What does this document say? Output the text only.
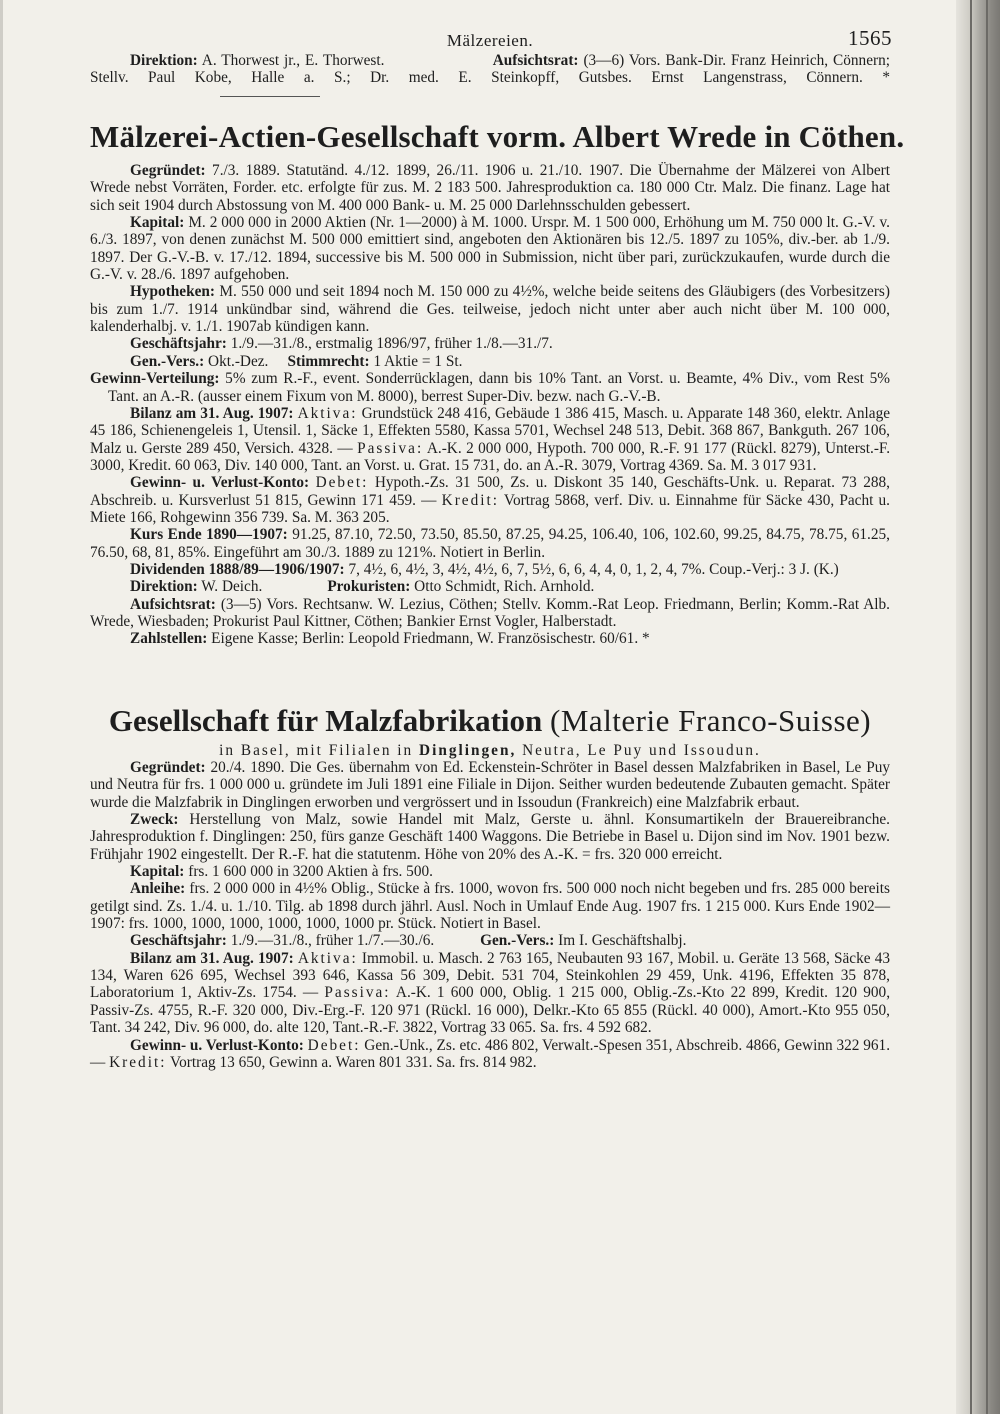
Mälzereien.	1565

Direktion: A. Thorwest jr., E. Thorwest.	Aufsichtsrat: (3—6) Vors. Bank-Dir. Franz Heinrich, Cönnern; Stellv. Paul Kobe, Halle a. S.; Dr. med. E. Steinkopff, Gutsbes. Ernst Langenstrass, Cönnern. *

Mälzerei-Actien-Gesellschaft vorm. Albert Wrede in Cöthen.

Gegründet: 7./3. 1889. Statutänd. 4./12. 1899, 26./11. 1906 u. 21./10. 1907. Die Übernahme der Mälzerei von Albert Wrede nebst Vorräten, Forder. etc. erfolgte für zus. M. 2 183 500. Jahresproduktion ca. 180 000 Ctr. Malz. Die finanz. Lage hat sich seit 1904 durch Abstossung von M. 400 000 Bank- u. M. 25 000 Darlehnsschulden gebessert.

Kapital: M. 2 000 000 in 2000 Aktien (Nr. 1—2000) à M. 1000. Urspr. M. 1 500 000, Erhöhung um M. 750 000 lt. G.-V. v. 6./3. 1897, von denen zunächst M. 500 000 emittiert sind, angeboten den Aktionären bis 12./5. 1897 zu 105%, div.-ber. ab 1./9. 1897. Der G.-V.-B. v. 17./12. 1894, successive bis M. 500 000 in Submission, nicht über pari, zurückzukaufen, wurde durch die G.-V. v. 28./6. 1897 aufgehoben.

Hypotheken: M. 550 000 und seit 1894 noch M. 150 000 zu 4½%, welche beide seitens des Gläubigers (des Vorbesitzers) bis zum 1./7. 1914 unkündbar sind, während die Ges. teilweise, jedoch nicht unter aber auch nicht über M. 100 000, kalenderhalbj. v. 1./1. 1907ab kündigen kann.

Geschäftsjahr: 1./9.—31./8., erstmalig 1896/97, früher 1./8.—31./7.

Gen.-Vers.: Okt.-Dez. Stimmrecht: 1 Aktie = 1 St.

Gewinn-Verteilung: 5% zum R.-F., event. Sonderrücklagen, dann bis 10% Tant. an Vorst. u. Beamte, 4% Div., vom Rest 5% Tant. an A.-R. (ausser einem Fixum von M. 8000), berrest Super-Div. bezw. nach G.-V.-B.

Bilanz am 31. Aug. 1907: Aktiva: Grundstück 248 416, Gebäude 1 386 415, Masch. u. Apparate 148 360, elektr. Anlage 45 186, Schienengeleis 1, Utensil. 1, Säcke 1, Effekten 5580, Kassa 5701, Wechsel 248 513, Debit. 368 867, Bankguth. 267 106, Malz u. Gerste 289 450, Versich. 4328. — Passiva: A.-K. 2 000 000, Hypoth. 700 000, R.-F. 91 177 (Rückl. 8279), Unterst.-F. 3000, Kredit. 60 063, Div. 140 000, Tant. an Vorst. u. Grat. 15 731, do. an A.-R. 3079, Vortrag 4369. Sa. M. 3 017 931.

Gewinn- u. Verlust-Konto: Debet: Hypoth.-Zs. 31 500, Zs. u. Diskont 35 140, Geschäfts-Unk. u. Reparat. 73 288, Abschreib. u. Kursverlust 51 815, Gewinn 171 459. — Kredit: Vortrag 5868, verf. Div. u. Einnahme für Säcke 430, Pacht u. Miete 166, Rohgewinn 356 739. Sa. M. 363 205.

Kurs Ende 1890—1907: 91.25, 87.10, 72.50, 73.50, 85.50, 87.25, 94.25, 106.40, 106, 102.60, 99.25, 84.75, 78.75, 61.25, 76.50, 68, 81, 85%. Eingeführt am 30./3. 1889 zu 121%. Notiert in Berlin.

Dividenden 1888/89—1906/1907: 7, 4½, 6, 4½, 3, 4½, 4½, 6, 7, 5½, 6, 6, 4, 4, 0, 1, 2, 4, 7%. Coup.-Verj.: 3 J. (K.)

Direktion: W. Deich.	Prokuristen: Otto Schmidt, Rich. Arnhold.

Aufsichtsrat: (3—5) Vors. Rechtsanw. W. Lezius, Cöthen; Stellv. Komm.-Rat Leop. Friedmann, Berlin; Komm.-Rat Alb. Wrede, Wiesbaden; Prokurist Paul Kittner, Cöthen; Bankier Ernst Vogler, Halberstadt.

Zahlstellen: Eigene Kasse; Berlin: Leopold Friedmann, W. Französischestr. 60/61. *

Gesellschaft für Malzfabrikation (Malterie Franco-Suisse)

in Basel, mit Filialen in Dinglingen, Neutra, Le Puy und Issoudun.

Gegründet: 20./4. 1890. Die Ges. übernahm von Ed. Eckenstein-Schröter in Basel dessen Malzfabriken in Basel, Le Puy und Neutra für frs. 1 000 000 u. gründete im Juli 1891 eine Filiale in Dijon. Seither wurden bedeutende Zubauten gemacht. Später wurde die Malzfabrik in Dinglingen erworben und vergrössert und in Issoudun (Frankreich) eine Malzfabrik erbaut.

Zweck: Herstellung von Malz, sowie Handel mit Malz, Gerste u. ähnl. Konsumartikeln der Brauereibranche. Jahresproduktion f. Dinglingen: 250, fürs ganze Geschäft 1400 Waggons. Die Betriebe in Basel u. Dijon sind im Nov. 1901 bezw. Frühjahr 1902 eingestellt. Der R.-F. hat die statutenm. Höhe von 20% des A.-K. = frs. 320 000 erreicht.

Kapital: frs. 1 600 000 in 3200 Aktien à frs. 500.

Anleihe: frs. 2 000 000 in 4½% Oblig., Stücke à frs. 1000, wovon frs. 500 000 noch nicht begeben und frs. 285 000 bereits getilgt sind. Zs. 1./4. u. 1./10. Tilg. ab 1898 durch jährl. Ausl. Noch in Umlauf Ende Aug. 1907 frs. 1 215 000. Kurs Ende 1902—1907: frs. 1000, 1000, 1000, 1000, 1000, 1000 pr. Stück. Notiert in Basel.

Geschäftsjahr: 1./9.—31./8., früher 1./7.—30./6.	Gen.-Vers.: Im I. Geschäftshalbj.

Bilanz am 31. Aug. 1907: Aktiva: Immobil. u. Masch. 2 763 165, Neubauten 93 167, Mobil. u. Geräte 13 568, Säcke 43 134, Waren 626 695, Wechsel 393 646, Kassa 56 309, Debit. 531 704, Steinkohlen 29 459, Unk. 4196, Effekten 35 878, Laboratorium 1, Aktiv-Zs. 1754. — Passiva: A.-K. 1 600 000, Oblig. 1 215 000, Oblig.-Zs.-Kto 22 899, Kredit. 120 900, Passiv-Zs. 4755, R.-F. 320 000, Div.-Erg.-F. 120 971 (Rückl. 16 000), Delkr.-Kto 65 855 (Rückl. 40 000), Amort.-Kto 955 050, Tant. 34 242, Div. 96 000, do. alte 120, Tant.-R.-F. 3822, Vortrag 33 065. Sa. frs. 4 592 682.

Gewinn- u. Verlust-Konto: Debet: Gen.-Unk., Zs. etc. 486 802, Verwalt.-Spesen 351, Abschreib. 4866, Gewinn 322 961. — Kredit: Vortrag 13 650, Gewinn a. Waren 801 331. Sa. frs. 814 982.
